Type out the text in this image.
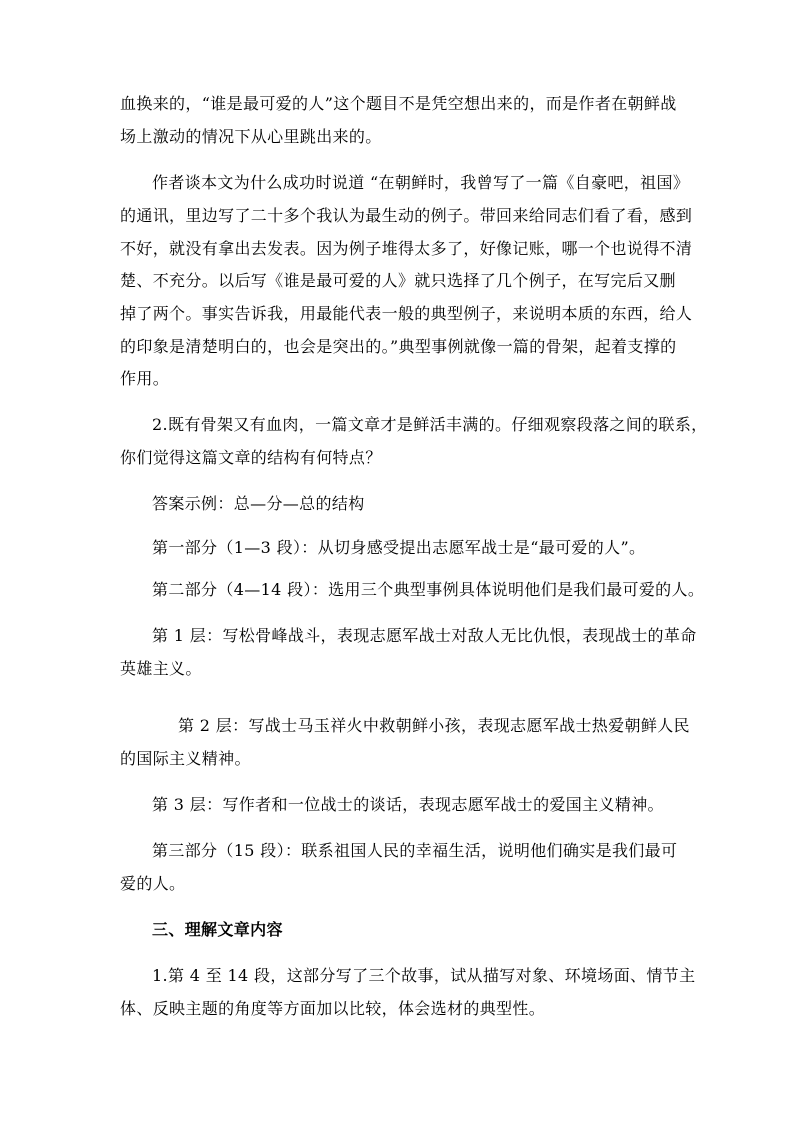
血换来的，“谁是最可爱的人”这个题目不是凭空想出来的，而是作者在朝鲜战
场上激动的情况下从心里跳出来的。
作者谈本文为什么成功时说道 “在朝鲜时，我曾写了一篇《自豪吧，祖国》
的通讯，里边写了二十多个我认为最生动的例子。带回来给同志们看了看，感到
不好，就没有拿出去发表。因为例子堆得太多了，好像记账，哪一个也说得不清
楚、不充分。以后写《谁是最可爱的人》就只选择了几个例子，在写完后又删
掉了两个。事实告诉我，用最能代表一般的典型例子，来说明本质的东西，给人
的印象是清楚明白的，也会是突出的。”典型事例就像一篇的骨架，起着支撑的
作用。
2.既有骨架又有血肉，一篇文章才是鲜活丰满的。仔细观察段落之间的联系，
你们觉得这篇文章的结构有何特点？
答案示例：总—分—总的结构
第一部分（1—3 段）：从切身感受提出志愿军战士是“最可爱的人”。
第二部分（4—14 段）：选用三个典型事例具体说明他们是我们最可爱的人。
第 1 层：写松骨峰战斗，表现志愿军战士对敌人无比仇恨，表现战士的革命
英雄主义。
第 2 层：写战士马玉祥火中救朝鲜小孩，表现志愿军战士热爱朝鲜人民
的国际主义精神。
第 3 层：写作者和一位战士的谈话，表现志愿军战士的爱国主义精神。
第三部分（15 段）：联系祖国人民的幸福生活，说明他们确实是我们最可
爱的人。
三、理解文章内容
1.第 4 至 14 段，这部分写了三个故事，试从描写对象、环境场面、情节主
体、反映主题的角度等方面加以比较，体会选材的典型性。
